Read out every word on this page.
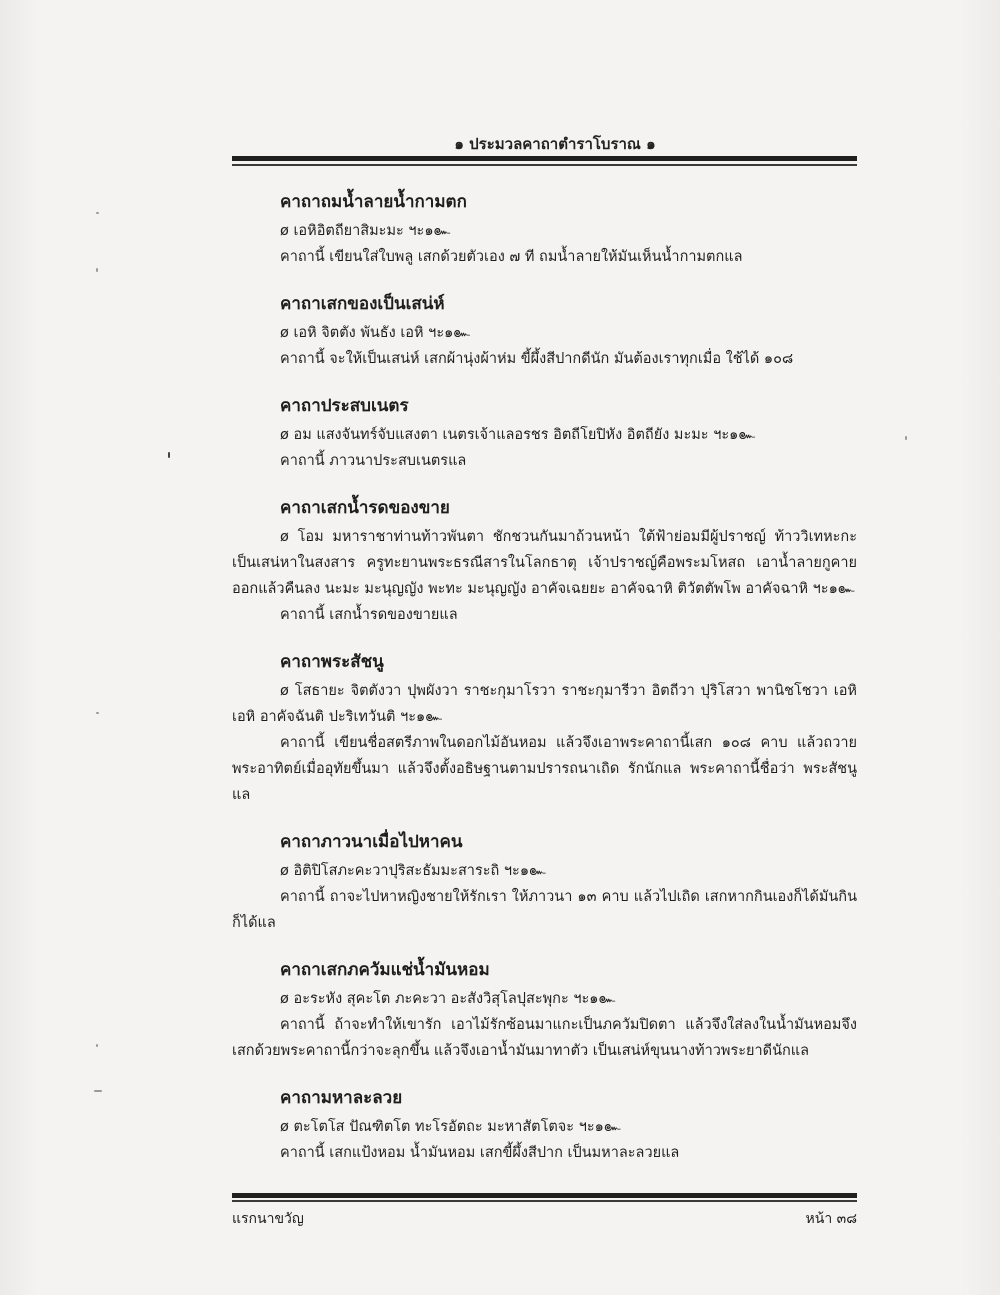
๑ ประมวลคาถาตำราโบราณ ๑
คาถาถมน้ำลายน้ำกามตก

ø เอหิอิตถียาสิมะมะ ฯะ๑๛

คาถานี้ เขียนใส่ใบพลู เสกด้วยตัวเอง ๗ ที ถมน้ำลายให้มันเห็นน้ำกามตกแล

คาถาเสกของเป็นเสน่ห์

ø เอหิ จิตตัง พันธัง เอหิ ฯะ๑๛

คาถานี้ จะให้เป็นเสน่ห์ เสกผ้านุ่งผ้าห่ม ขี้ผึ้งสีปากดีนัก มันต้องเราทุกเมื่อ ใช้ได้ ๑๐๘

คาถาประสบเนตร

ø อม แสงจันทร์จับแสงตา เนตรเจ้าแลอรชร อิตถีโยปิหัง อิตถียัง มะมะ ฯะ๑๛

คาถานี้ ภาวนาประสบเนตรแล

คาถาเสกน้ำรดของขาย

ø โอม มหาราชาท่านท้าวพันตา ชักชวนกันมาถ้วนหน้า ใต้ฟ้าย่อมมีผู้ปราชญ์ ท้าววิเทหะกะเป็นเสน่หาในสงสาร ครูทะยานพระธรณีสารในโลกธาตุ เจ้าปราชญ์คือพระมโหสถ เอาน้ำลายกูคายออกแล้วคืนลง นะมะ มะนุญญัง พะทะ มะนุญญัง อาคัจเฉยยะ อาคัจฉาหิ ติวัตตัพโพ อาคัจฉาหิ ฯะ๑๛

คาถานี้ เสกน้ำรดของขายแล

คาถาพระสัชนู

ø โสธายะ จิตตังวา ปุพผังวา ราชะกุมาโรวา ราชะกุมารีวา อิตถีวา ปุริโสวา พานิชโชวา เอหิ เอหิ อาคัจฉันติ ปะริเทวันติ ฯะ๑๛

คาถานี้ เขียนชื่อสตรีภาพในดอกไม้อันหอม แล้วจึงเอาพระคาถานี้เสก ๑๐๘ คาบ แล้วถวายพระอาทิตย์เมื่ออุทัยขึ้นมา แล้วจึงตั้งอธิษฐานตามปรารถนาเถิด รักนักแล พระคาถานี้ชื่อว่า พระสัชนูแล

คาถาภาวนาเมื่อไปหาคน

ø อิติปิโสภะคะวาปุริสะธัมมะสาระถิ ฯะ๑๛

คาถานี้ ถาจะไปหาหญิงชายให้รักเรา ให้ภาวนา ๑๓ คาบ แล้วไปเถิด เสกหากกินเองก็ได้มันกินก็ได้แล

คาถาเสกภควัมแช่น้ำมันหอม

ø อะระหัง สุคะโต ภะคะวา อะสังวิสุโลปุสะพุกะ ฯะ๑๛

คาถานี้ ถ้าจะทำให้เขารัก เอาไม้รักซ้อนมาแกะเป็นภควัมปิดตา แล้วจึงใส่ลงในน้ำมันหอมจึงเสกด้วยพระคาถานี้กว่าจะลุกขึ้น แล้วจึงเอาน้ำมันมาทาตัว เป็นเสน่ห์ขุนนางท้าวพระยาดีนักแล

คาถามหาละลวย

ø ตะโตโส ปัณฑิตโต ทะโรอัตถะ มะหาสัตโตจะ ฯะ๑๛

คาถานี้ เสกแป้งหอม น้ำมันหอม เสกขี้ผึ้งสีปาก เป็นมหาละลวยแล

แรกนาขวัญ	หน้า ๓๘
